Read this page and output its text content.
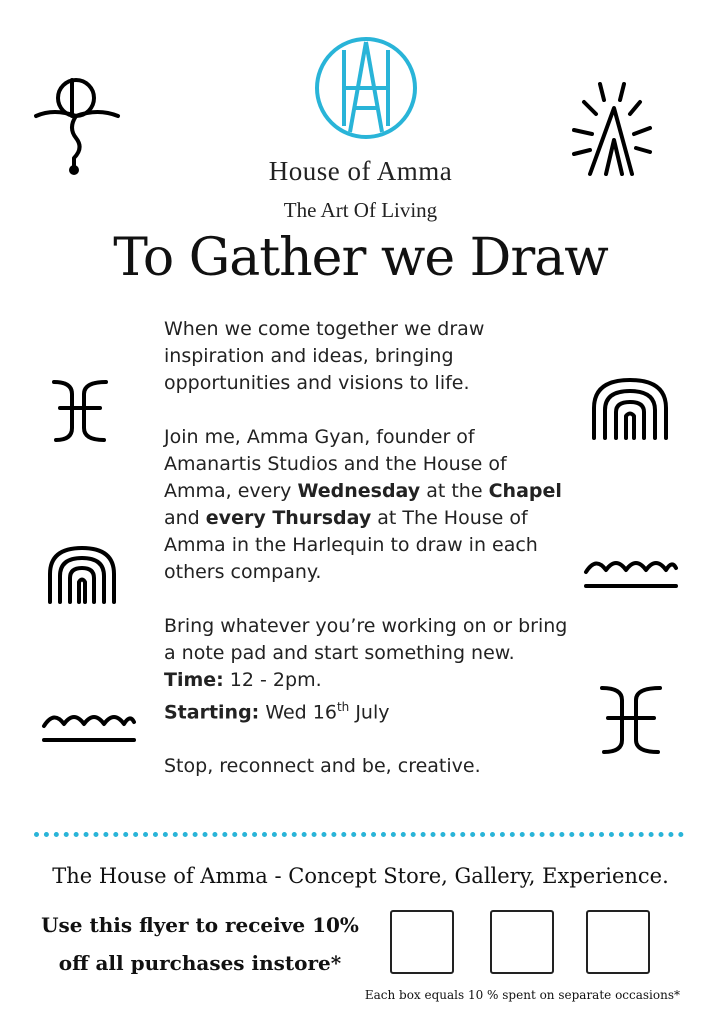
House of Amma
The Art Of Living
To Gather we Draw

When we come together we draw inspiration and ideas, bringing opportunities and visions to life.

Join me, Amma Gyan, founder of Amanartis Studios and the House of Amma, every Wednesday at the Chapel and every Thursday at The House of Amma in the Harlequin to draw in each others company.

Bring whatever you’re working on or bring a note pad and start something new.

Time: 12 - 2pm.

Starting: Wed 16th July

Stop, reconnect and be, creative.

The House of Amma - Concept Store, Gallery, Experience.
Use this flyer to receive 10%
off all purchases instore*
Each box equals 10 % spent on separate occasions*
